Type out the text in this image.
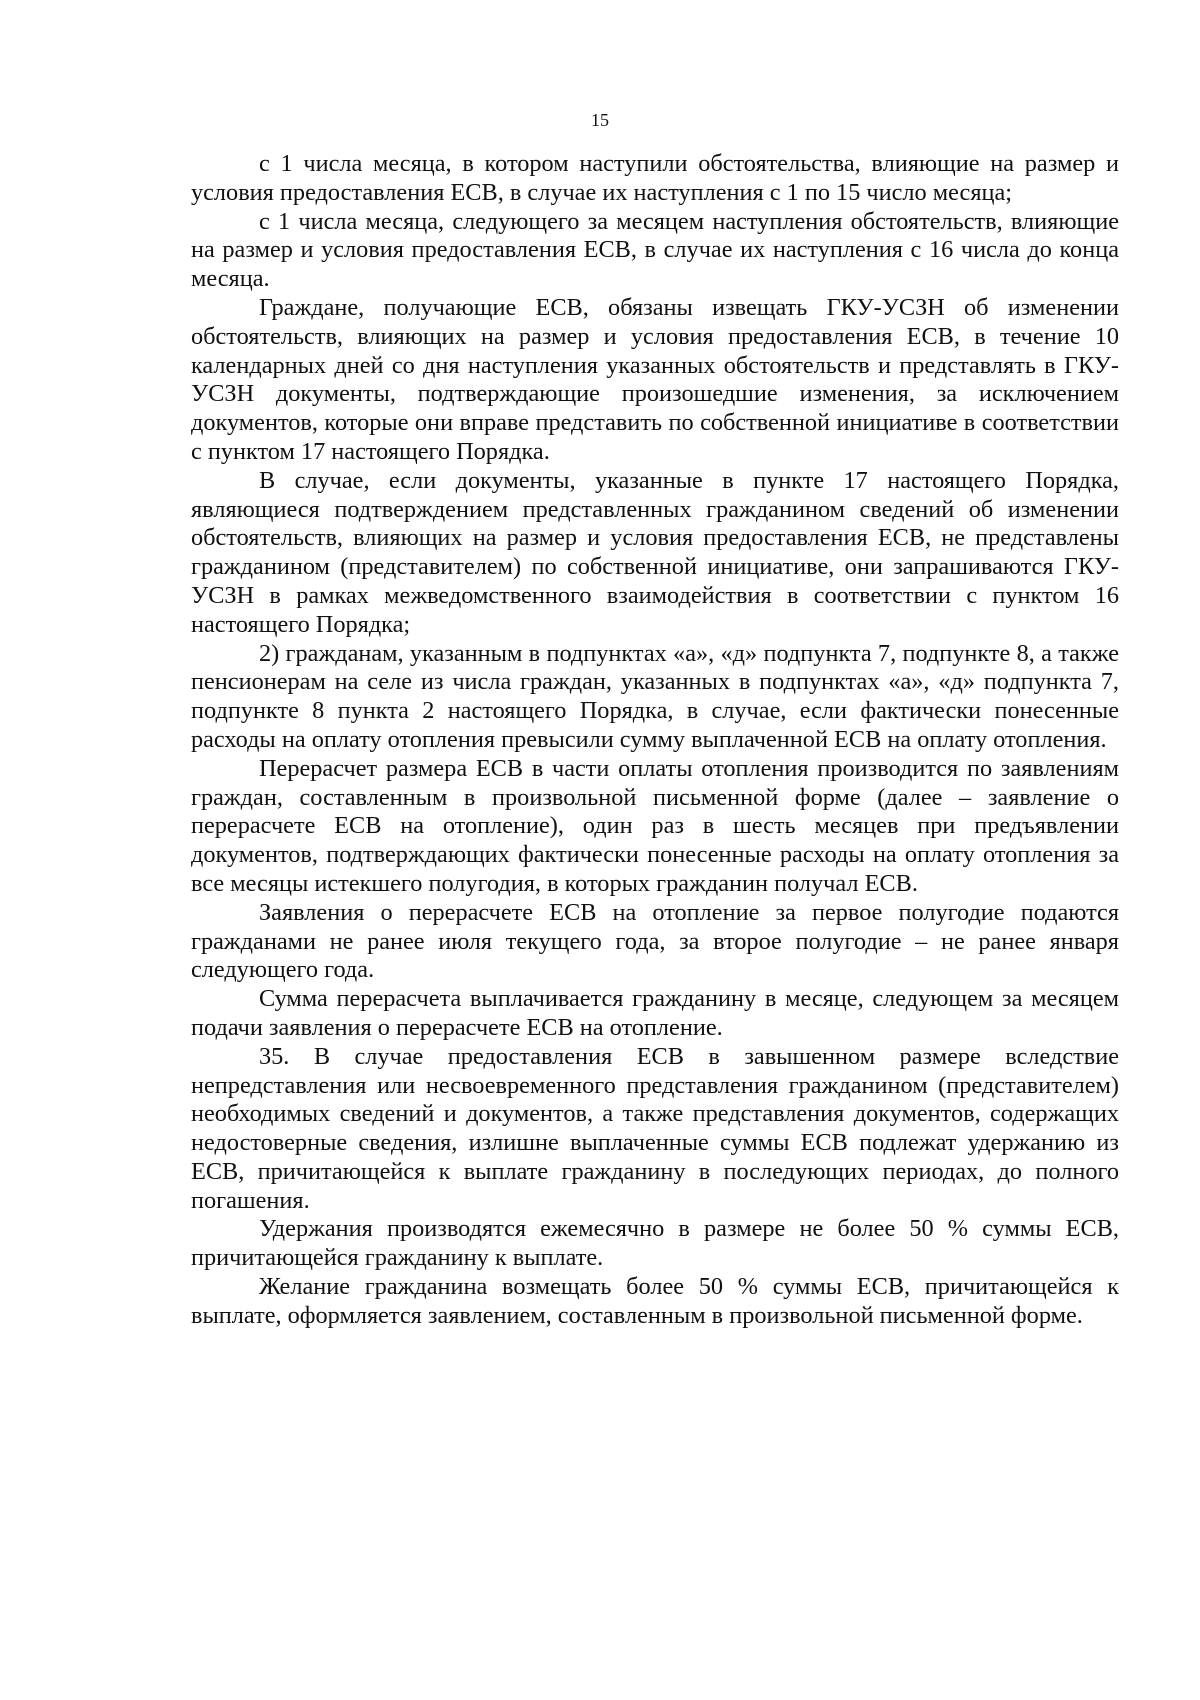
15

с 1 числа месяца, в котором наступили обстоятельства, влияющие на размер и условия предоставления ЕСВ, в случае их наступления с 1 по 15 число месяца;

с 1 числа месяца, следующего за месяцем наступления обстоятельств, влияющие на размер и условия предоставления ЕСВ, в случае их наступления с 16 числа до конца месяца.

Граждане, получающие ЕСВ, обязаны извещать ГКУ-УСЗН об изменении обстоятельств, влияющих на размер и условия предоставления ЕСВ, в течение 10 календарных дней со дня наступления указанных обстоятельств и представлять в ГКУ-УСЗН документы, подтверждающие произошедшие изменения, за исключением документов, которые они вправе представить по собственной инициативе в соответствии с пунктом 17 настоящего Порядка.

В случае, если документы, указанные в пункте 17 настоящего Порядка, являющиеся подтверждением представленных гражданином сведений об изменении обстоятельств, влияющих на размер и условия предоставления ЕСВ, не представлены гражданином (представителем) по собственной инициативе, они запрашиваются ГКУ-УСЗН в рамках межведомственного взаимодействия в соответствии с пунктом 16 настоящего Порядка;

2) гражданам, указанным в подпунктах «а», «д» подпункта 7, подпункте 8, а также пенсионерам на селе из числа граждан, указанных в подпунктах «а», «д» подпункта 7, подпункте 8 пункта 2 настоящего Порядка, в случае, если фактически понесенные расходы на оплату отопления превысили сумму выплаченной ЕСВ на оплату отопления.

Перерасчет размера ЕСВ в части оплаты отопления производится по заявлениям граждан, составленным в произвольной письменной форме (далее – заявление о перерасчете ЕСВ на отопление), один раз в шесть месяцев при предъявлении документов, подтверждающих фактически понесенные расходы на оплату отопления за все месяцы истекшего полугодия, в которых гражданин получал ЕСВ.

Заявления о перерасчете ЕСВ на отопление за первое полугодие подаются гражданами не ранее июля текущего года, за второе полугодие – не ранее января следующего года.

Сумма перерасчета выплачивается гражданину в месяце, следующем за месяцем подачи заявления о перерасчете ЕСВ на отопление.

35. В случае предоставления ЕСВ в завышенном размере вследствие непредставления или несвоевременного представления гражданином (представителем) необходимых сведений и документов, а также представления документов, содержащих недостоверные сведения, излишне выплаченные суммы ЕСВ подлежат удержанию из ЕСВ, причитающейся к выплате гражданину в последующих периодах, до полного погашения.

Удержания производятся ежемесячно в размере не более 50 % суммы ЕСВ, причитающейся гражданину к выплате.

Желание гражданина возмещать более 50 % суммы ЕСВ, причитающейся к выплате, оформляется заявлением, составленным в произвольной письменной форме.
